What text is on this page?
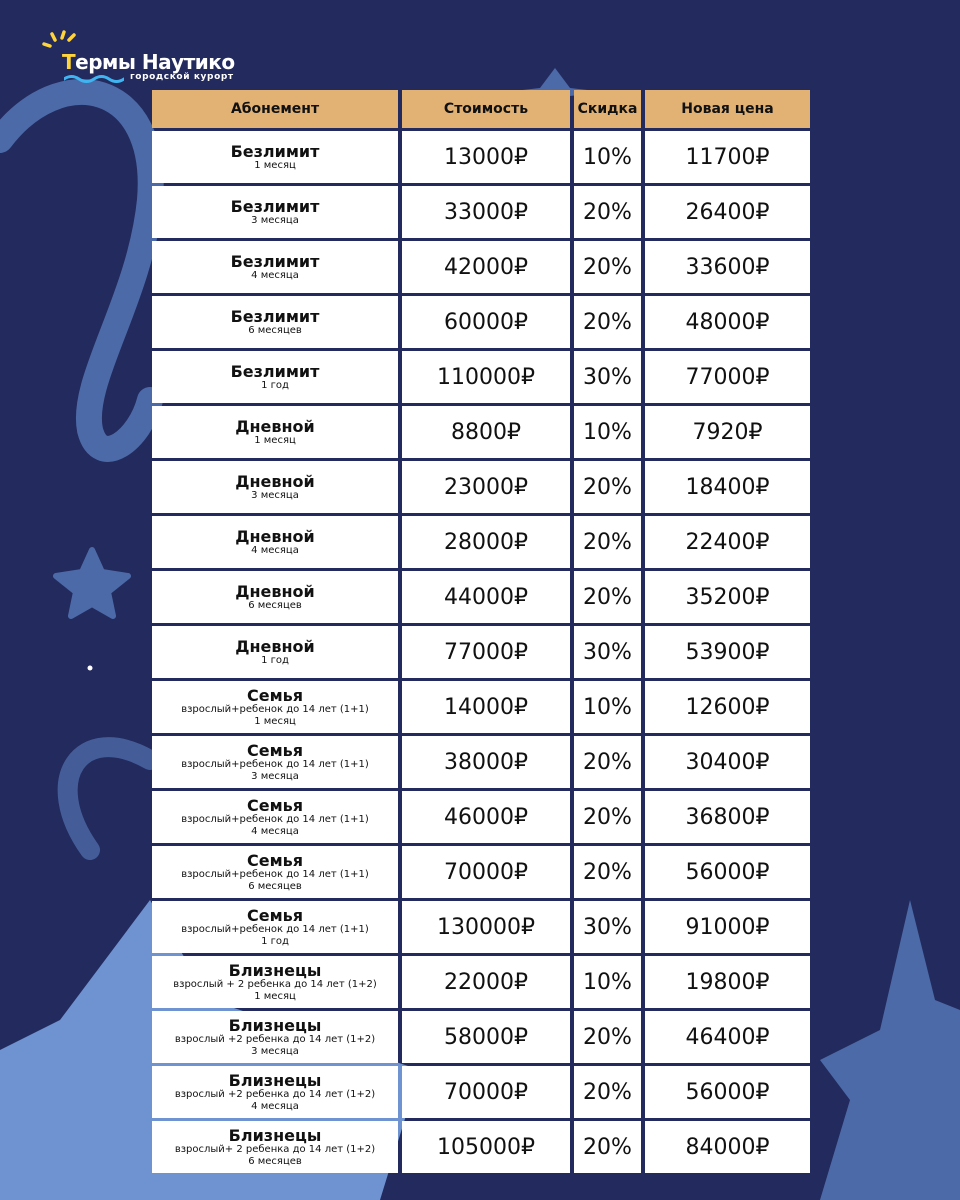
Термы Наутико
городской курорт
Абонемент	Стоимость	Скидка	Новая цена
Безлимит
1 месяц	13000₽	10% 11700₽
Безлимит
3 месяца	33000₽	20% 26400₽
Безлимит
4 месяца	42000₽	20% 33600₽
Безлимит
6 месяцев	60000₽	20% 48000₽
Безлимит
1 год	110000₽ 30% 77000₽
Дневной
1 месяц	8800₽	10%	7920₽
Дневной
3 месяца	23000₽	20% 18400₽
Дневной
4 месяца	28000₽	20% 22400₽
Дневной
6 месяцев	44000₽	20% 35200₽
Дневной
1 год	77000₽	30% 53900₽
Семья
взрослый+ребенок до 14 лет (1+1)
1 месяц
14000₽	10% 12600₽
Семья
взрослый+ребенок до 14 лет (1+1)
3 месяца
38000₽	20% 30400₽
Семья
взрослый+ребенок до 14 лет (1+1)
4 месяца
46000₽	20% 36800₽
Семья
взрослый+ребенок до 14 лет (1+1)
6 месяцев
70000₽	20% 56000₽
Семья
взрослый+ребенок до 14 лет (1+1)
1 год
130000₽ 30% 91000₽
Близнецы
взрослый + 2 ребенка до 14 лет (1+2)
1 месяц
22000₽	10% 19800₽
Близнецы
взрослый +2 ребенка до 14 лет (1+2)
3 месяца
58000₽	20% 46400₽
Близнецы
взрослый +2 ребенка до 14 лет (1+2)
4 месяца
70000₽	20% 56000₽
Близнецы
взрослый+ 2 ребенка до 14 лет (1+2)
6 месяцев
105000₽ 20% 84000₽
